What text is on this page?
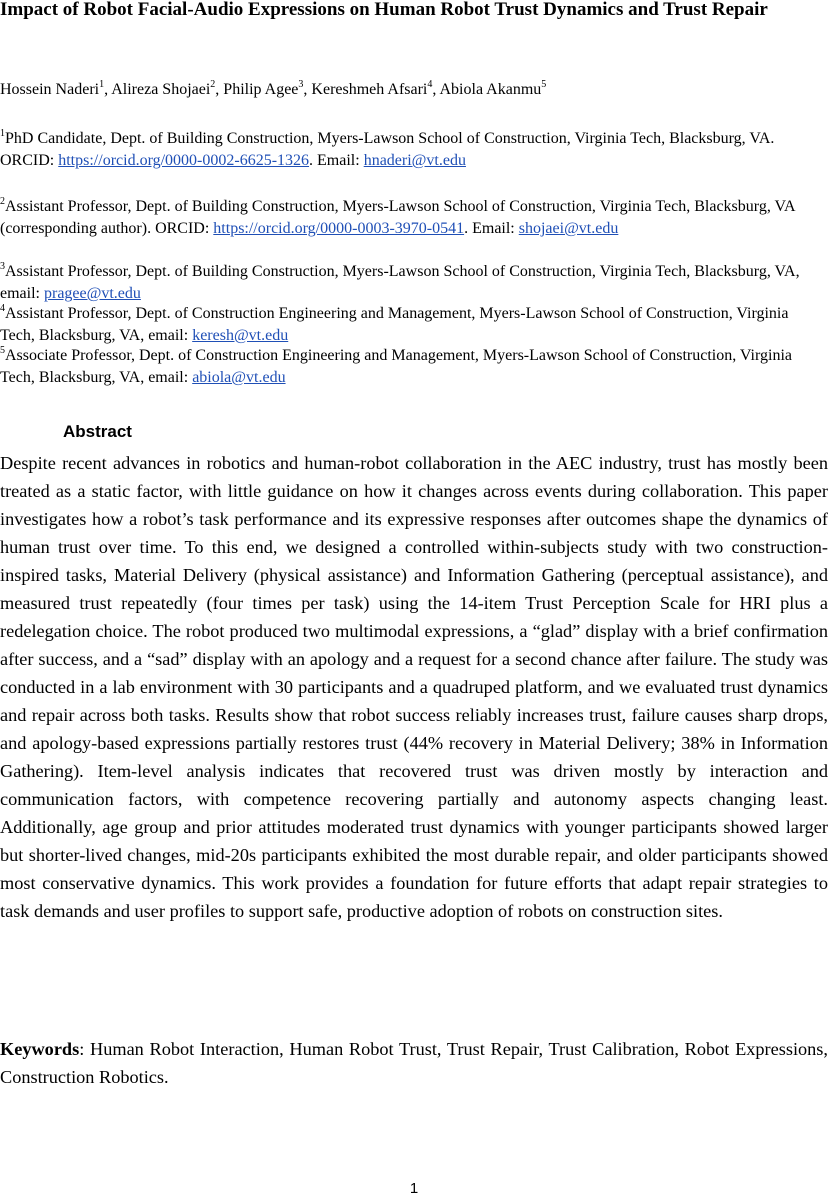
Impact of Robot Facial-Audio Expressions on Human Robot Trust Dynamics and Trust Repair
Hossein Naderi$^1$, Alireza Shojaei$^2$, Philip Agee$^3$, Kereshmeh Afsari$^4$, Abiola Akanmu$^5$

$^1$PhD Candidate, Dept. of Building Construction, Myers-Lawson School of Construction, Virginia Tech, Blacksburg, VA. ORCID: https://orcid.org/0000-0002-6625-1326. Email: hnaderi@vt.edu

$^2$Assistant Professor, Dept. of Building Construction, Myers-Lawson School of Construction, Virginia Tech, Blacksburg, VA (corresponding author). ORCID: https://orcid.org/0000-0003-3970-0541. Email: shojaei@vt.edu

$^3$Assistant Professor, Dept. of Building Construction, Myers-Lawson School of Construction, Virginia Tech, Blacksburg, VA, email: pragee@vt.edu

$^4$Assistant Professor, Dept. of Construction Engineering and Management, Myers-Lawson School of Construction, Virginia Tech, Blacksburg, VA, email: keresh@vt.edu

$^5$Associate Professor, Dept. of Construction Engineering and Management, Myers-Lawson School of Construction, Virginia Tech, Blacksburg, VA, email: abiola@vt.edu

Abstract

Despite recent advances in robotics and human-robot collaboration in the AEC industry, trust has mostly been treated as a static factor, with little guidance on how it changes across events during collaboration. This paper investigates how a robot’s task performance and its expressive responses after outcomes shape the dynamics of human trust over time. To this end, we designed a controlled within-subjects study with two construction-inspired tasks, Material Delivery (physical assistance) and Information Gathering (perceptual assistance), and measured trust repeatedly (four times per task) using the 14-item Trust Perception Scale for HRI plus a redelegation choice. The robot produced two multimodal expressions, a “glad” display with a brief confirmation after success, and a “sad” display with an apology and a request for a second chance after failure. The study was conducted in a lab environment with 30 participants and a quadruped platform, and we evaluated trust dynamics and repair across both tasks. Results show that robot success reliably increases trust, failure causes sharp drops, and apology-based expressions partially restores trust (44% recovery in Material Delivery; 38% in Information Gathering). Item-level analysis indicates that recovered trust was driven mostly by interaction and communication factors, with competence recovering partially and autonomy aspects changing least. Additionally, age group and prior attitudes moderated trust dynamics with younger participants showed larger but shorter-lived changes, mid-20s participants exhibited the most durable repair, and older participants showed most conservative dynamics. This work provides a foundation for future efforts that adapt repair strategies to task demands and user profiles to support safe, productive adoption of robots on construction sites.

Keywords: Human Robot Interaction, Human Robot Trust, Trust Repair, Trust Calibration, Robot Expressions, Construction Robotics.

1
